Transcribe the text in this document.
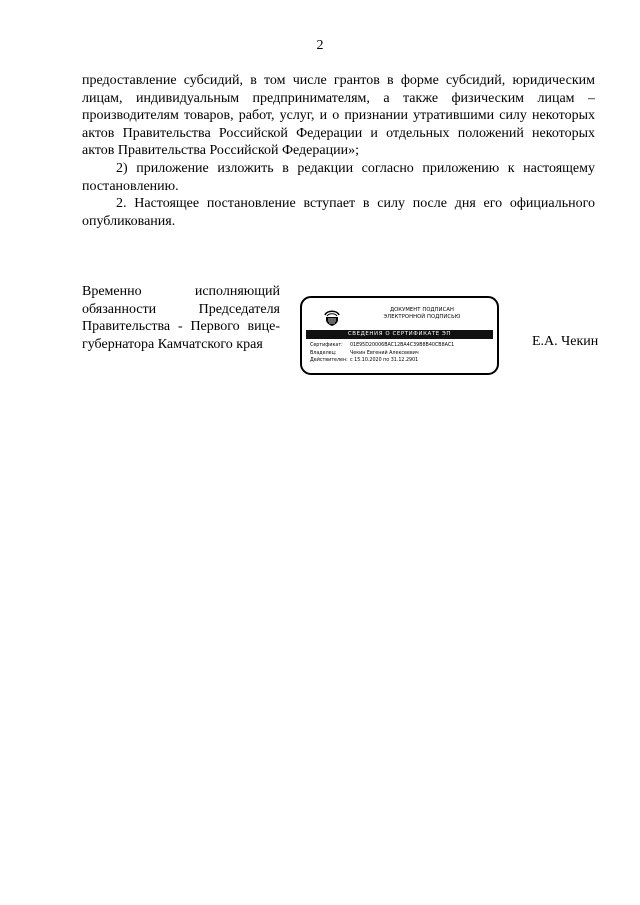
2

предоставление субсидий, в том числе грантов в форме субсидий, юридическим лицам, индивидуальным предпринимателям, а также физическим лицам – производителям товаров, работ, услуг, и о признании утратившими силу некоторых актов Правительства Российской Федерации и отдельных положений некоторых актов Правительства Российской Федерации»;

2) приложение изложить в редакции согласно приложению к настоящему постановлению.

2. Настоящее постановление вступает в силу после дня его официального опубликования.

Временно исполняющий
обязанности Председателя
Правительства - Первого вице-
губернатора Камчатского края
ДОКУМЕНТ ПОДПИСАН
ЭЛЕКТРОННОЙ ПОДПИСЬЮ
СВЕДЕНИЯ О СЕРТИФИКАТЕ ЭП
Сертификат:	01E95D20006BAC12BA4C39B8B40CB8AC1
Владелец:	Чекин Евгений Алексеевич
Действителен: с 15.10.2020 по 31.12.2901
Е.А. Чекин
